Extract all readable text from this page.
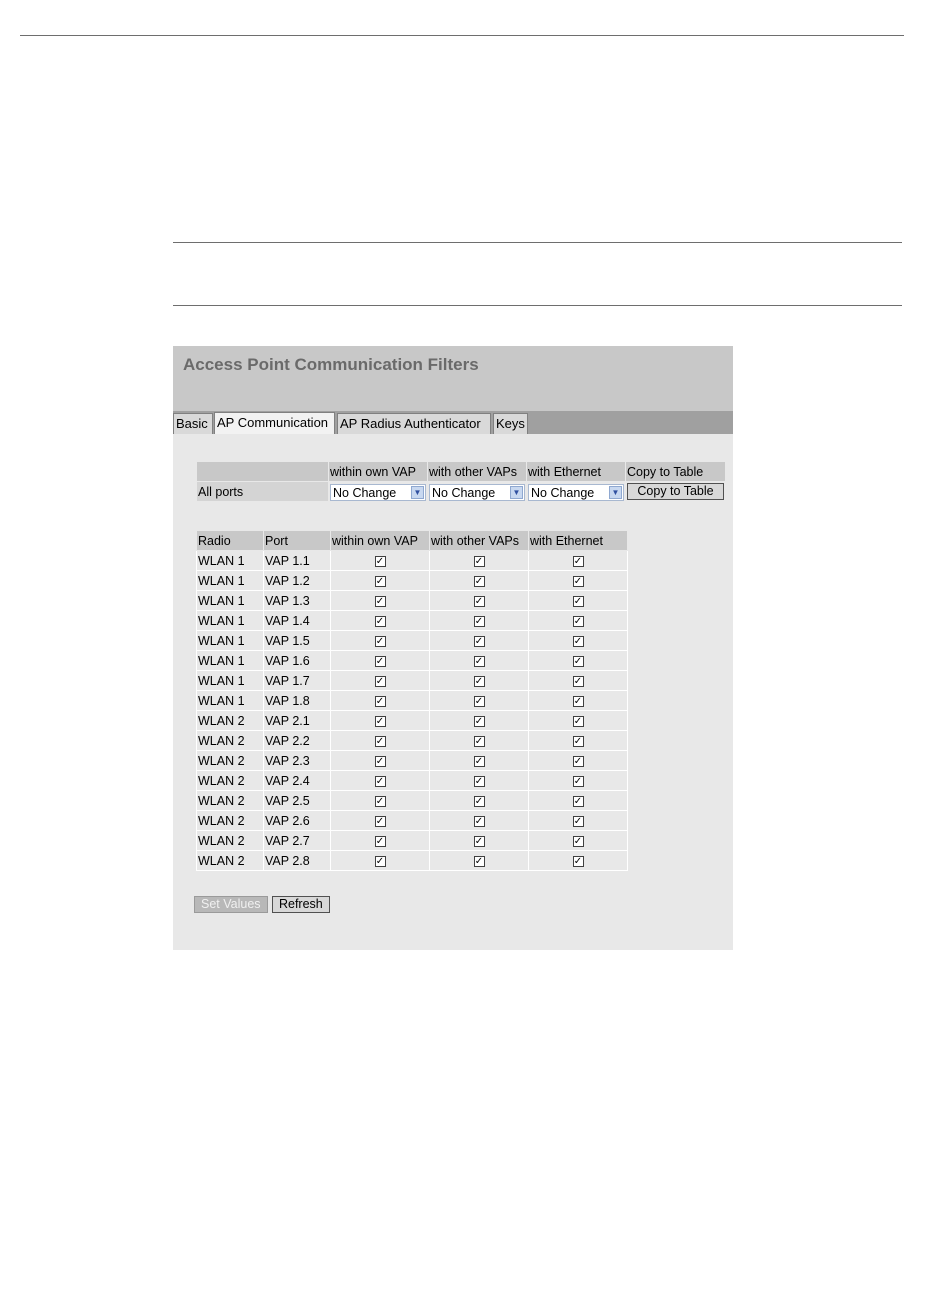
Access Point Communication Filters
Basic AP Communication AP Radius Authenticator	Keys
	within own VAP	with other VAPs	with Ethernet	Copy to Table
All ports	No Change ▼	No Change ▼	No Change ▼	Copy to Table
Radio	Port	within own VAP	with other VAPs	with Ethernet
WLAN 1	VAP 1.1	✓	✓	✓
WLAN 1	VAP 1.2	✓	✓	✓
WLAN 1	VAP 1.3	✓	✓	✓
WLAN 1	VAP 1.4	✓	✓	✓
WLAN 1	VAP 1.5	✓	✓	✓
WLAN 1	VAP 1.6	✓	✓	✓
WLAN 1	VAP 1.7	✓	✓	✓
WLAN 1	VAP 1.8	✓	✓	✓
WLAN 2	VAP 2.1	✓	✓	✓
WLAN 2	VAP 2.2	✓	✓	✓
WLAN 2	VAP 2.3	✓	✓	✓
WLAN 2	VAP 2.4	✓	✓	✓
WLAN 2	VAP 2.5	✓	✓	✓
WLAN 2	VAP 2.6	✓	✓	✓
WLAN 2	VAP 2.7	✓	✓	✓
WLAN 2	VAP 2.8	✓	✓	✓
Set Values Refresh
